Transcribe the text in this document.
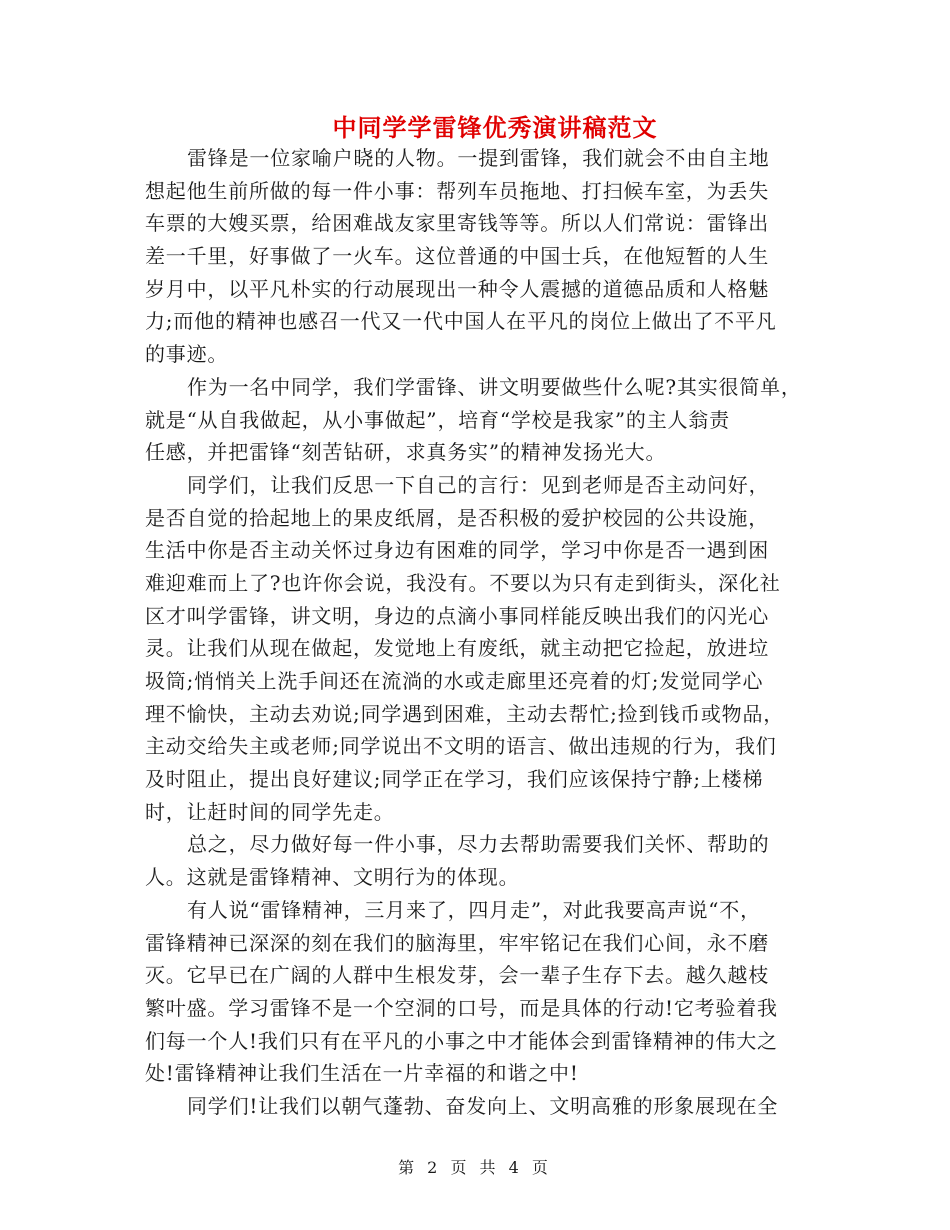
中同学学雷锋优秀演讲稿范文
雷锋是一位家喻户晓的人物。一提到雷锋，我们就会不由自主地
想起他生前所做的每一件小事：帮列车员拖地、打扫候车室，为丢失
车票的大嫂买票，给困难战友家里寄钱等等。所以人们常说：雷锋出
差一千里，好事做了一火车。这位普通的中国士兵，在他短暂的人生
岁月中，以平凡朴实的行动展现出一种令人震撼的道德品质和人格魅
力;而他的精神也感召一代又一代中国人在平凡的岗位上做出了不平凡
的事迹。
作为一名中同学，我们学雷锋、讲文明要做些什么呢?其实很简单，
就是“从自我做起，从小事做起”，培育“学校是我家”的主人翁责
任感，并把雷锋“刻苦钻研，求真务实”的精神发扬光大。
同学们，让我们反思一下自己的言行：见到老师是否主动问好，
是否自觉的拾起地上的果皮纸屑，是否积极的爱护校园的公共设施，
生活中你是否主动关怀过身边有困难的同学，学习中你是否一遇到困
难迎难而上了?也许你会说，我没有。不要以为只有走到街头，深化社
区才叫学雷锋，讲文明，身边的点滴小事同样能反映出我们的闪光心
灵。让我们从现在做起，发觉地上有废纸，就主动把它捡起，放进垃
圾筒;悄悄关上洗手间还在流淌的水或走廊里还亮着的灯;发觉同学心
理不愉快，主动去劝说;同学遇到困难，主动去帮忙;捡到钱币或物品，
主动交给失主或老师;同学说出不文明的语言、做出违规的行为，我们
及时阻止，提出良好建议;同学正在学习，我们应该保持宁静;上楼梯
时，让赶时间的同学先走。
总之，尽力做好每一件小事，尽力去帮助需要我们关怀、帮助的
人。这就是雷锋精神、文明行为的体现。
有人说“雷锋精神，三月来了，四月走”，对此我要高声说“不，
雷锋精神已深深的刻在我们的脑海里，牢牢铭记在我们心间，永不磨
灭。它早已在广阔的人群中生根发芽，会一辈子生存下去。越久越枝
繁叶盛。学习雷锋不是一个空洞的口号，而是具体的行动!它考验着我
们每一个人!我们只有在平凡的小事之中才能体会到雷锋精神的伟大之
处!雷锋精神让我们生活在一片幸福的和谐之中!
同学们!让我们以朝气蓬勃、奋发向上、文明高雅的形象展现在全
第 2 页 共 4 页
